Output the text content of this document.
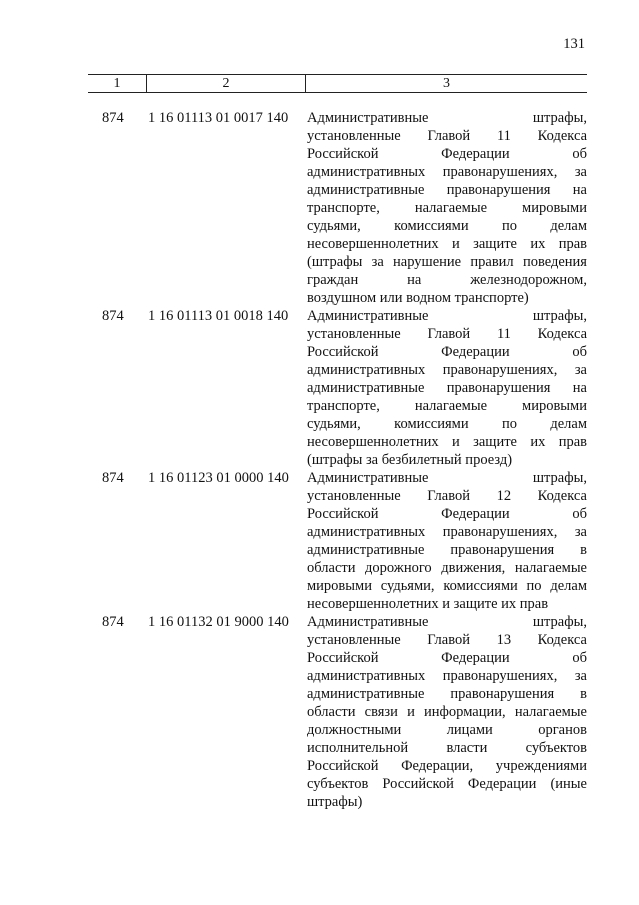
131
1	2	3
874	1 16 01113 01 0017 140	Административные	штрафы,
установленные Главой 11 Кодекса
Российской	Федерации	об
административных правонарушениях, за
административные правонарушения на
транспорте, налагаемые мировыми
судьями, комиссиями по делам
несовершеннолетних и защите их прав
(штрафы за нарушение правил поведения
граждан	на	железнодорожном,
воздушном или водном транспорте)
874	1 16 01113 01 0018 140	Административные	штрафы,
установленные Главой 11 Кодекса
Российской	Федерации	об
административных правонарушениях, за
административные правонарушения на
транспорте, налагаемые мировыми
судьями, комиссиями по делам
несовершеннолетних и защите их прав
(штрафы за безбилетный проезд)
874	1 16 01123 01 0000 140	Административные	штрафы,
установленные Главой 12 Кодекса
Российской	Федерации	об
административных правонарушениях, за
административные правонарушения в
области дорожного движения, налагаемые
мировыми судьями, комиссиями по делам
несовершеннолетних и защите их прав
874	1 16 01132 01 9000 140	Административные	штрафы,
установленные Главой 13 Кодекса
Российской	Федерации	об
административных правонарушениях, за
административные правонарушения в
области связи и информации, налагаемые
должностными	лицами	органов
исполнительной	власти	субъектов
Российской Федерации, учреждениями
субъектов Российской Федерации (иные
штрафы)
